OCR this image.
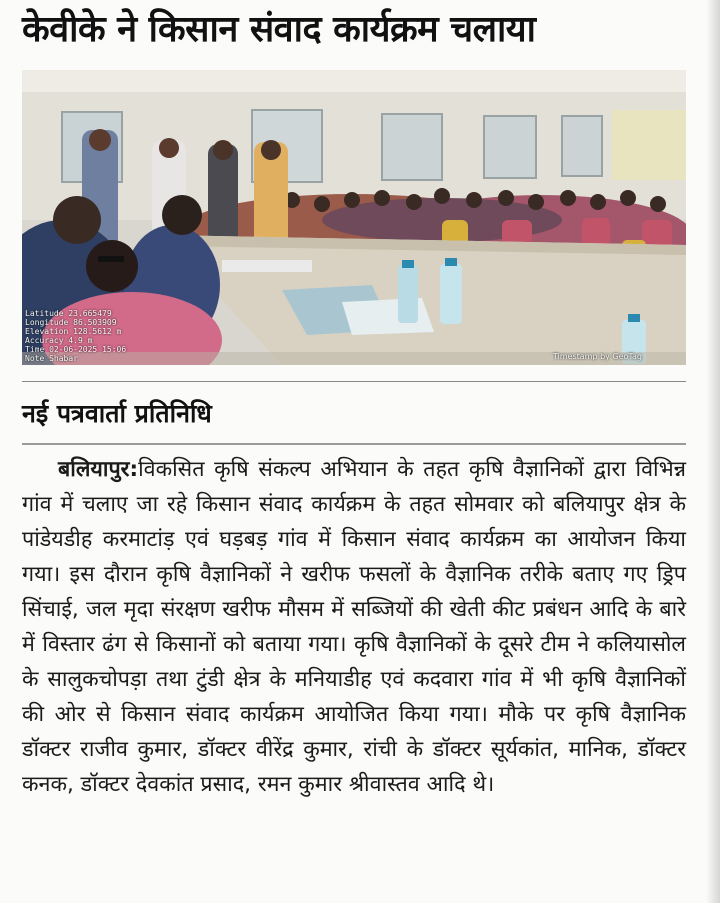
केवीके ने किसान संवाद कार्यक्रम चलाया
Latitude 23.665479
Longitude 86.503909
Elevation 128.5612 m
Accuracy 4.9 m
Time 02-06-2025 15:06
Note Shabar	Timestamp by GeoTag
नई पत्रवार्ता प्रतिनिधि
बलियापुर:विकसित कृषि संकल्प अभियान के तहत कृषि वैज्ञानिकों द्वारा विभिन्न गांव में चलाए जा रहे किसान संवाद कार्यक्रम के तहत सोमवार को बलियापुर क्षेत्र के पांडेयडीह करमाटांड़ एवं घड़बड़ गांव में किसान संवाद कार्यक्रम का आयोजन किया गया। इस दौरान कृषि वैज्ञानिकों ने खरीफ फसलों के वैज्ञानिक तरीके बताए गए ड्रिप सिंचाई, जल मृदा संरक्षण खरीफ मौसम में सब्जियों की खेती कीट प्रबंधन आदि के बारे में विस्तार ढंग से किसानों को बताया गया। कृषि वैज्ञानिकों के दूसरे टीम ने कलियासोल के सालुकचोपड़ा तथा टुंडी क्षेत्र के मनियाडीह एवं कदवारा गांव में भी कृषि वैज्ञानिकों की ओर से किसान संवाद कार्यक्रम आयोजित किया गया। मौके पर कृषि वैज्ञानिक डॉक्टर राजीव कुमार, डॉक्टर वीरेंद्र कुमार, रांची के डॉक्टर सूर्यकांत, मानिक, डॉक्टर कनक, डॉक्टर देवकांत प्रसाद, रमन कुमार श्रीवास्तव आदि थे।
